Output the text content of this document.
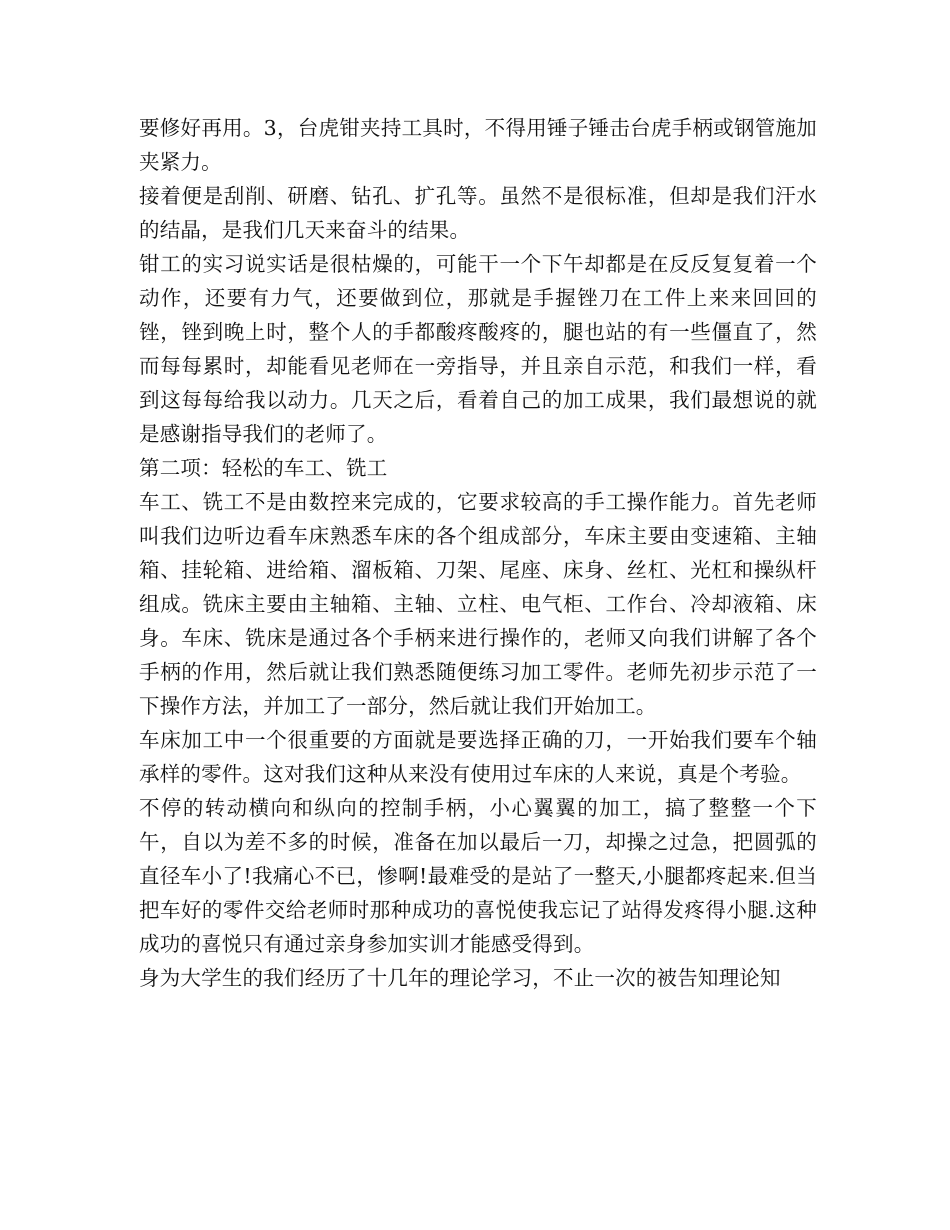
要修好再用。3，台虎钳夹持工具时，不得用锤子锤击台虎手柄或钢管施加夹紧力。

接着便是刮削、研磨、钻孔、扩孔等。虽然不是很标准，但却是我们汗水的结晶，是我们几天来奋斗的结果。

钳工的实习说实话是很枯燥的，可能干一个下午却都是在反反复复着一个动作，还要有力气，还要做到位，那就是手握锉刀在工件上来来回回的锉，锉到晚上时，整个人的手都酸疼酸疼的，腿也站的有一些僵直了，然而每每累时，却能看见老师在一旁指导，并且亲自示范，和我们一样，看到这每每给我以动力。几天之后，看着自己的加工成果，我们最想说的就是感谢指导我们的老师了。

第二项：轻松的车工、铣工

车工、铣工不是由数控来完成的，它要求较高的手工操作能力。首先老师叫我们边听边看车床熟悉车床的各个组成部分，车床主要由变速箱、主轴箱、挂轮箱、进给箱、溜板箱、刀架、尾座、床身、丝杠、光杠和操纵杆组成。铣床主要由主轴箱、主轴、立柱、电气柜、工作台、冷却液箱、床身。车床、铣床是通过各个手柄来进行操作的，老师又向我们讲解了各个手柄的作用，然后就让我们熟悉随便练习加工零件。老师先初步示范了一下操作方法，并加工了一部分，然后就让我们开始加工。

车床加工中一个很重要的方面就是要选择正确的刀，一开始我们要车个轴承样的零件。这对我们这种从来没有使用过车床的人来说，真是个考验。

不停的转动横向和纵向的控制手柄，小心翼翼的加工，搞了整整一个下午，自以为差不多的时候，准备在加以最后一刀，却操之过急，把圆弧的直径车小了!我痛心不已，惨啊!最难受的是站了一整天,小腿都疼起来.但当把车好的零件交给老师时那种成功的喜悦使我忘记了站得发疼得小腿.这种成功的喜悦只有通过亲身参加实训才能感受得到。

身为大学生的我们经历了十几年的理论学习，不止一次的被告知理论知
